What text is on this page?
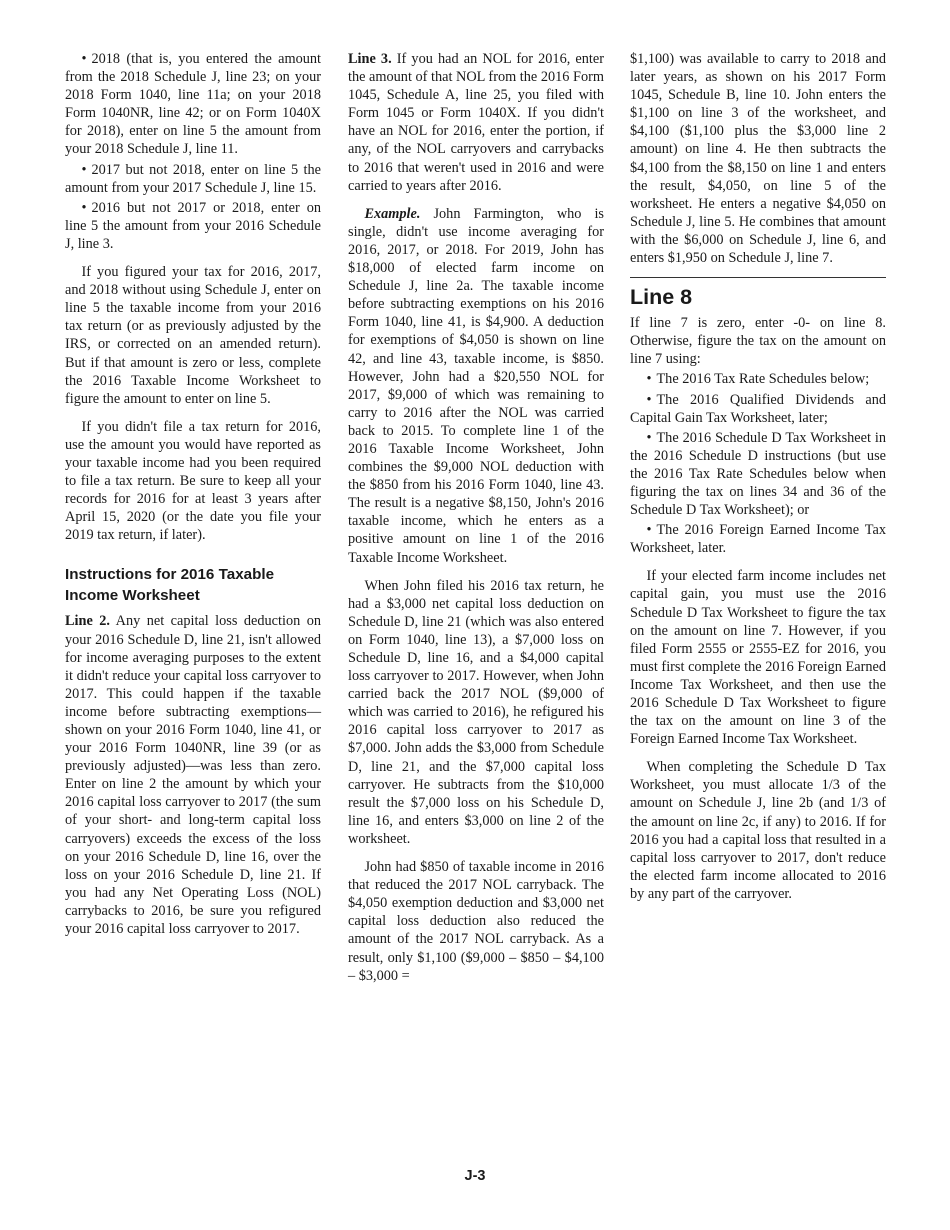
• 2018 (that is, you entered the amount from the 2018 Schedule J, line 23; on your 2018 Form 1040, line 11a; on your 2018 Form 1040NR, line 42; or on Form 1040X for 2018), enter on line 5 the amount from your 2018 Schedule J, line 11.

• 2017 but not 2018, enter on line 5 the amount from your 2017 Schedule J, line 15.

• 2016 but not 2017 or 2018, enter on line 5 the amount from your 2016 Schedule J, line 3.

If you figured your tax for 2016, 2017, and 2018 without using Schedule J, enter on line 5 the taxable income from your 2016 tax return (or as previously adjusted by the IRS, or corrected on an amended return). But if that amount is zero or less, complete the 2016 Taxable Income Worksheet to figure the amount to enter on line 5.

If you didn't file a tax return for 2016, use the amount you would have reported as your taxable income had you been required to file a tax return. Be sure to keep all your records for 2016 for at least 3 years after April 15, 2020 (or the date you file your 2019 tax return, if later).

Instructions for 2016 Taxable Income Worksheet

Line 2. Any net capital loss deduction on your 2016 Schedule D, line 21, isn't allowed for income averaging purposes to the extent it didn't reduce your capital loss carryover to 2017. This could happen if the taxable income before subtracting exemptions—shown on your 2016 Form 1040, line 41, or your 2016 Form 1040NR, line 39 (or as previously adjusted)—was less than zero. Enter on line 2 the amount by which your 2016 capital loss carryover to 2017 (the sum of your short- and long-term capital loss carryovers) exceeds the excess of the loss on your 2016 Schedule D, line 16, over the loss on your 2016 Schedule D, line 21. If you had any Net Operating Loss (NOL) carrybacks to 2016, be sure you refigured your 2016 capital loss carryover to 2017.

Line 3. If you had an NOL for 2016, enter the amount of that NOL from the 2016 Form 1045, Schedule A, line 25, you filed with Form 1045 or Form 1040X. If you didn't have an NOL for 2016, enter the portion, if any, of the NOL carryovers and carrybacks to 2016 that weren't used in 2016 and were carried to years after 2016.

Example. John Farmington, who is single, didn't use income averaging for 2016, 2017, or 2018. For 2019, John has $18,000 of elected farm income on Schedule J, line 2a. The taxable income before subtracting exemptions on his 2016 Form 1040, line 41, is $4,900. A deduction for exemptions of $4,050 is shown on line 42, and line 43, taxable income, is $850. However, John had a $20,550 NOL for 2017, $9,000 of which was remaining to carry to 2016 after the NOL was carried back to 2015. To complete line 1 of the 2016 Taxable Income Worksheet, John combines the $9,000 NOL deduction with the $850 from his 2016 Form 1040, line 43. The result is a negative $8,150, John's 2016 taxable income, which he enters as a positive amount on line 1 of the 2016 Taxable Income Worksheet.

When John filed his 2016 tax return, he had a $3,000 net capital loss deduction on Schedule D, line 21 (which was also entered on Form 1040, line 13), a $7,000 loss on Schedule D, line 16, and a $4,000 capital loss carryover to 2017. However, when John carried back the 2017 NOL ($9,000 of which was carried to 2016), he refigured his 2016 capital loss carryover to 2017 as $7,000. John adds the $3,000 from Schedule D, line 21, and the $7,000 capital loss carryover. He subtracts from the $10,000 result the $7,000 loss on his Schedule D, line 16, and enters $3,000 on line 2 of the worksheet.

John had $850 of taxable income in 2016 that reduced the 2017 NOL carryback. The $4,050 exemption deduction and $3,000 net capital loss deduction also reduced the amount of the 2017 NOL carryback. As a result, only $1,100 ($9,000 – $850 – $4,100 – $3,000 =

$1,100) was available to carry to 2018 and later years, as shown on his 2017 Form 1045, Schedule B, line 10. John enters the $1,100 on line 3 of the worksheet, and $4,100 ($1,100 plus the $3,000 line 2 amount) on line 4. He then subtracts the $4,100 from the $8,150 on line 1 and enters the result, $4,050, on line 5 of the worksheet. He enters a negative $4,050 on Schedule J, line 5. He combines that amount with the $6,000 on Schedule J, line 6, and enters $1,950 on Schedule J, line 7.

Line 8

If line 7 is zero, enter -0- on line 8. Otherwise, figure the tax on the amount on line 7 using:

• The 2016 Tax Rate Schedules below;

• The 2016 Qualified Dividends and Capital Gain Tax Worksheet, later;

• The 2016 Schedule D Tax Worksheet in the 2016 Schedule D instructions (but use the 2016 Tax Rate Schedules below when figuring the tax on lines 34 and 36 of the Schedule D Tax Worksheet); or

• The 2016 Foreign Earned Income Tax Worksheet, later.

If your elected farm income includes net capital gain, you must use the 2016 Schedule D Tax Worksheet to figure the tax on the amount on line 7. However, if you filed Form 2555 or 2555-EZ for 2016, you must first complete the 2016 Foreign Earned Income Tax Worksheet, and then use the 2016 Schedule D Tax Worksheet to figure the tax on the amount on line 3 of the Foreign Earned Income Tax Worksheet.

When completing the Schedule D Tax Worksheet, you must allocate 1/3 of the amount on Schedule J, line 2b (and 1/3 of the amount on line 2c, if any) to 2016. If for 2016 you had a capital loss that resulted in a capital loss carryover to 2017, don't reduce the elected farm income allocated to 2016 by any part of the carryover.

J-3
